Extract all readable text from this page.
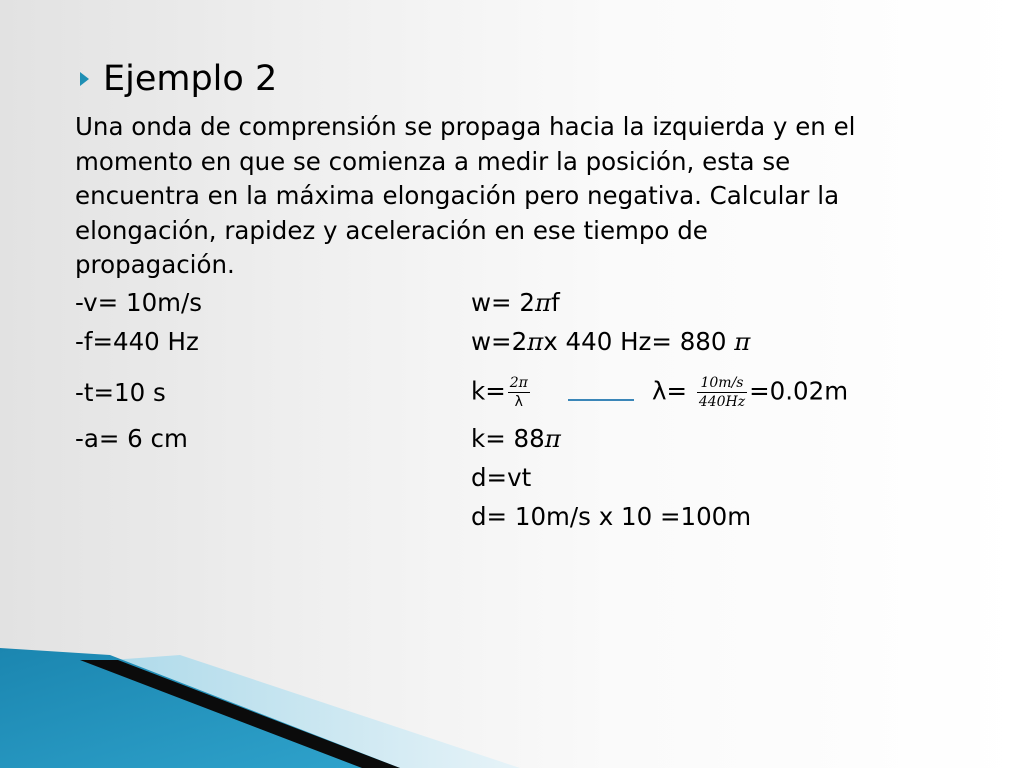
Ejemplo 2
Una onda de comprensión se propaga hacia la izquierda y en el
momento en que se comienza a medir la posición, esta se
encuentra en la máxima elongación pero negativa. Calcular la
elongación, rapidez y aceleración en ese tiempo de
propagación.
-v= 10m/s
-f=440 Hz
-t=10 s
-a= 6 cm
w= 2πf
w=2πx 440 Hz= 880 π
$k= \frac{2\pi}{\lambda}$	$\lambda= \frac{10m/s}{440Hz} =0.02m$
k= 88π
d=vt
d= 10m/s x 10 =100m
